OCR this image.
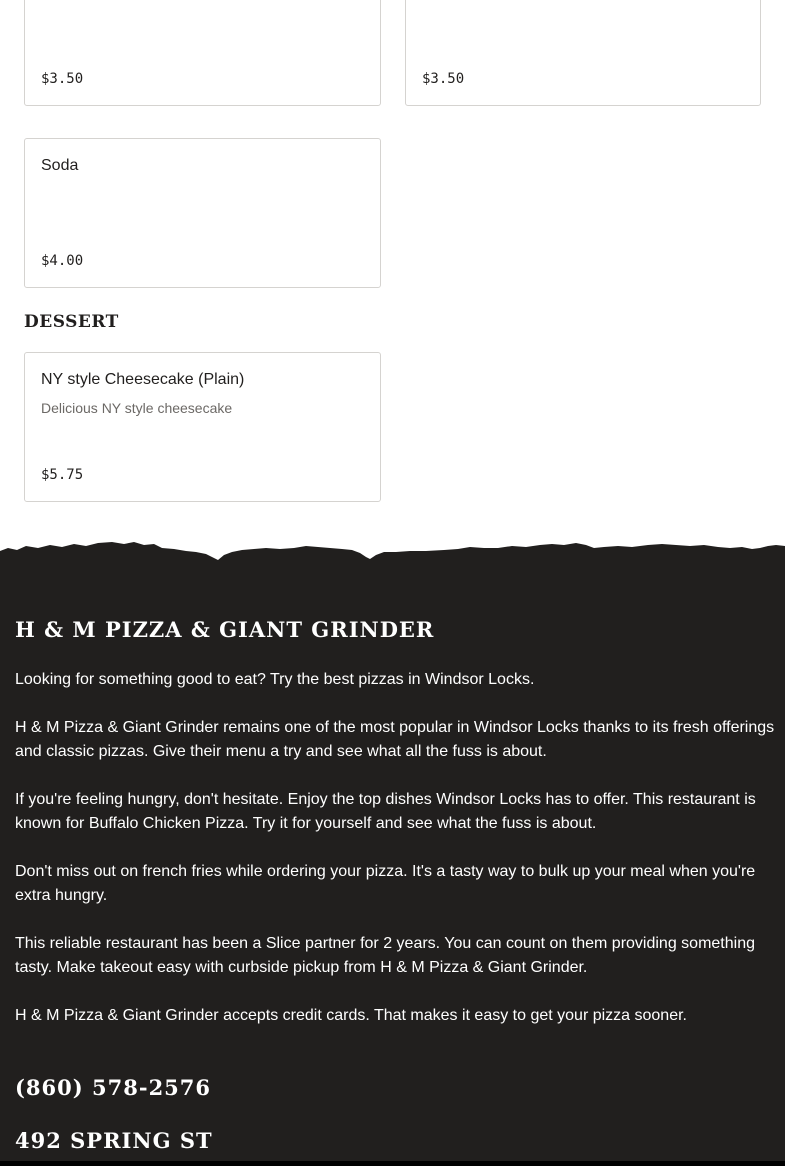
$3.50	$3.50
Soda
$4.00
DESSERT
NY style Cheesecake (Plain)
Delicious NY style cheesecake
$5.75
H & M PIZZA & GIANT GRINDER

Looking for something good to eat? Try the best pizzas in Windsor Locks.

H & M Pizza & Giant Grinder remains one of the most popular in Windsor Locks thanks to its fresh offerings and classic pizzas. Give their menu a try and see what all the fuss is about.

If you're feeling hungry, don't hesitate. Enjoy the top dishes Windsor Locks has to offer. This restaurant is known for Buffalo Chicken Pizza. Try it for yourself and see what the fuss is about.

Don't miss out on french fries while ordering your pizza. It's a tasty way to bulk up your meal when you're extra hungry.

This reliable restaurant has been a Slice partner for 2 years. You can count on them providing something tasty. Make takeout easy with curbside pickup from H & M Pizza & Giant Grinder.

H & M Pizza & Giant Grinder accepts credit cards. That makes it easy to get your pizza sooner.

(860) 578-2576
492 SPRING ST
